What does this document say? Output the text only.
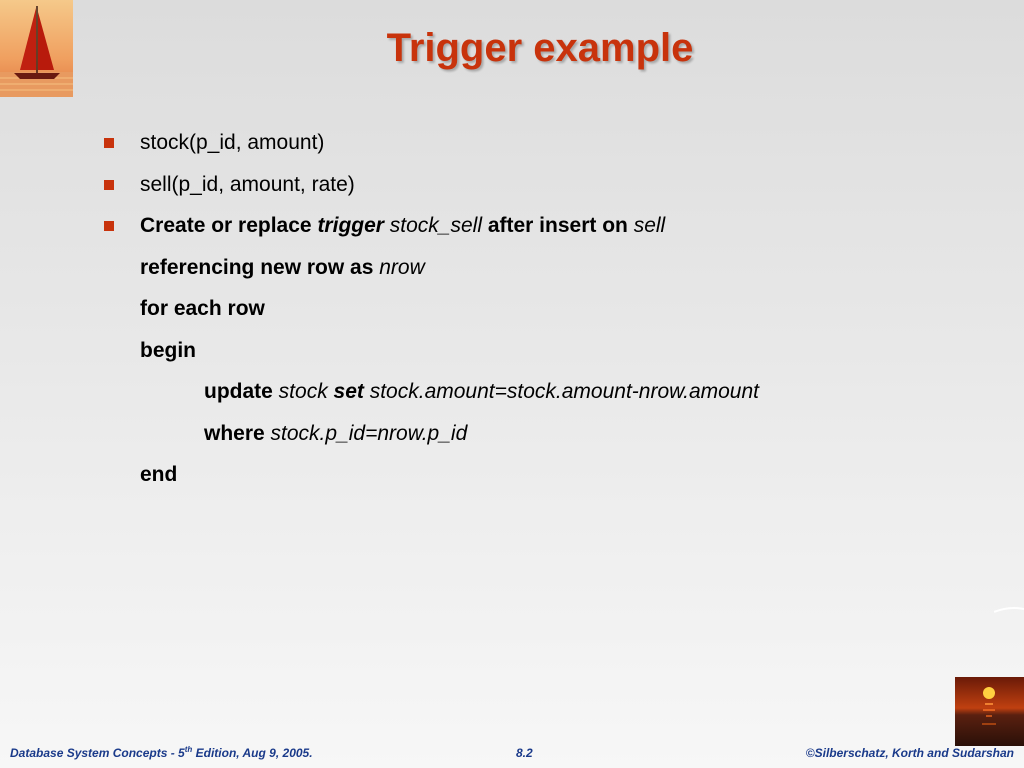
Trigger example
stock(p_id, amount)
sell(p_id, amount, rate)
Create or replace trigger stock_sell after insert on sell
referencing new row as nrow
for each row
begin
update stock set stock.amount=stock.amount-nrow.amount
where stock.p_id=nrow.p_id
end
Database System Concepts - 5th Edition, Aug 9, 2005.	8.2	©Silberschatz, Korth and Sudarshan
